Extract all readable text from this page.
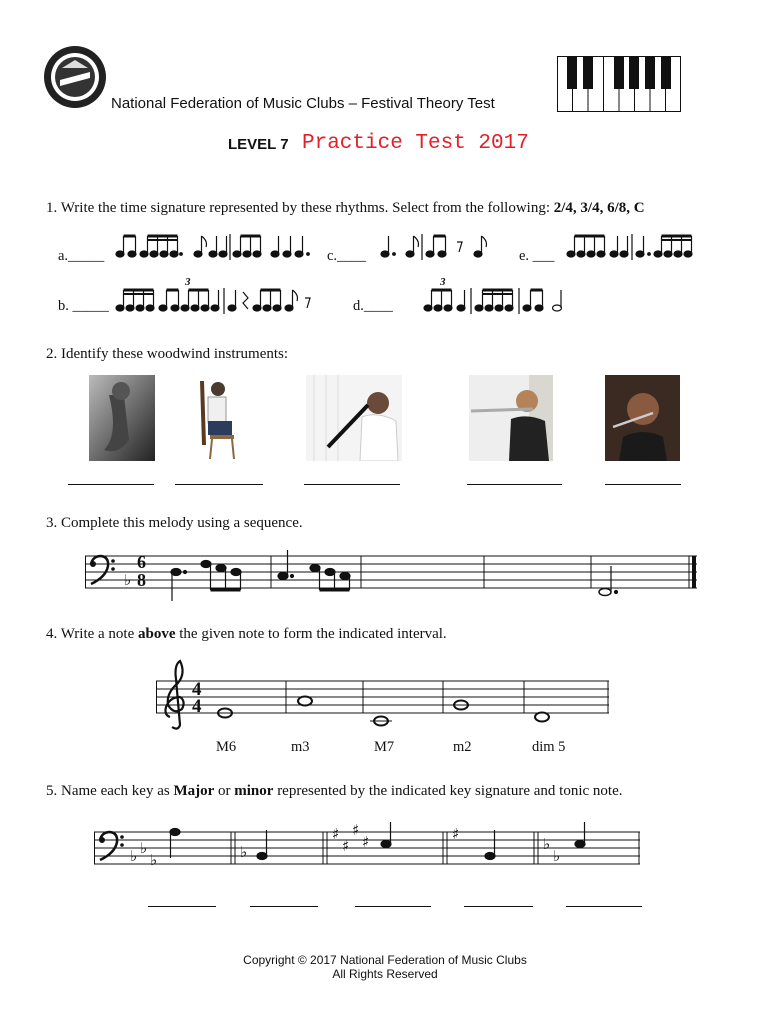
National Federation of Music Clubs – Festival Theory Test
LEVEL 7 Practice Test 2017
1. Write the time signature represented by these rhythms. Select from the following: 2/4, 3/4, 6/8, C
a._____	c.____	e. ___
b. _____	d.____
3	3
2. Identify these woodwind instruments:
3. Complete this melody using a sequence.
♭
6
8
4. Write a note above the given note to form the indicated interval.
4
4
M6	m3	M7	m2	dim 5
5. Name each key as Major or minor represented by the indicated key signature and tonic note.
♭ ♭
♭	♭
♯
♯
♯
♯	♯
♭
♭
Copyright © 2017 National Federation of Music Clubs
All Rights Reserved
